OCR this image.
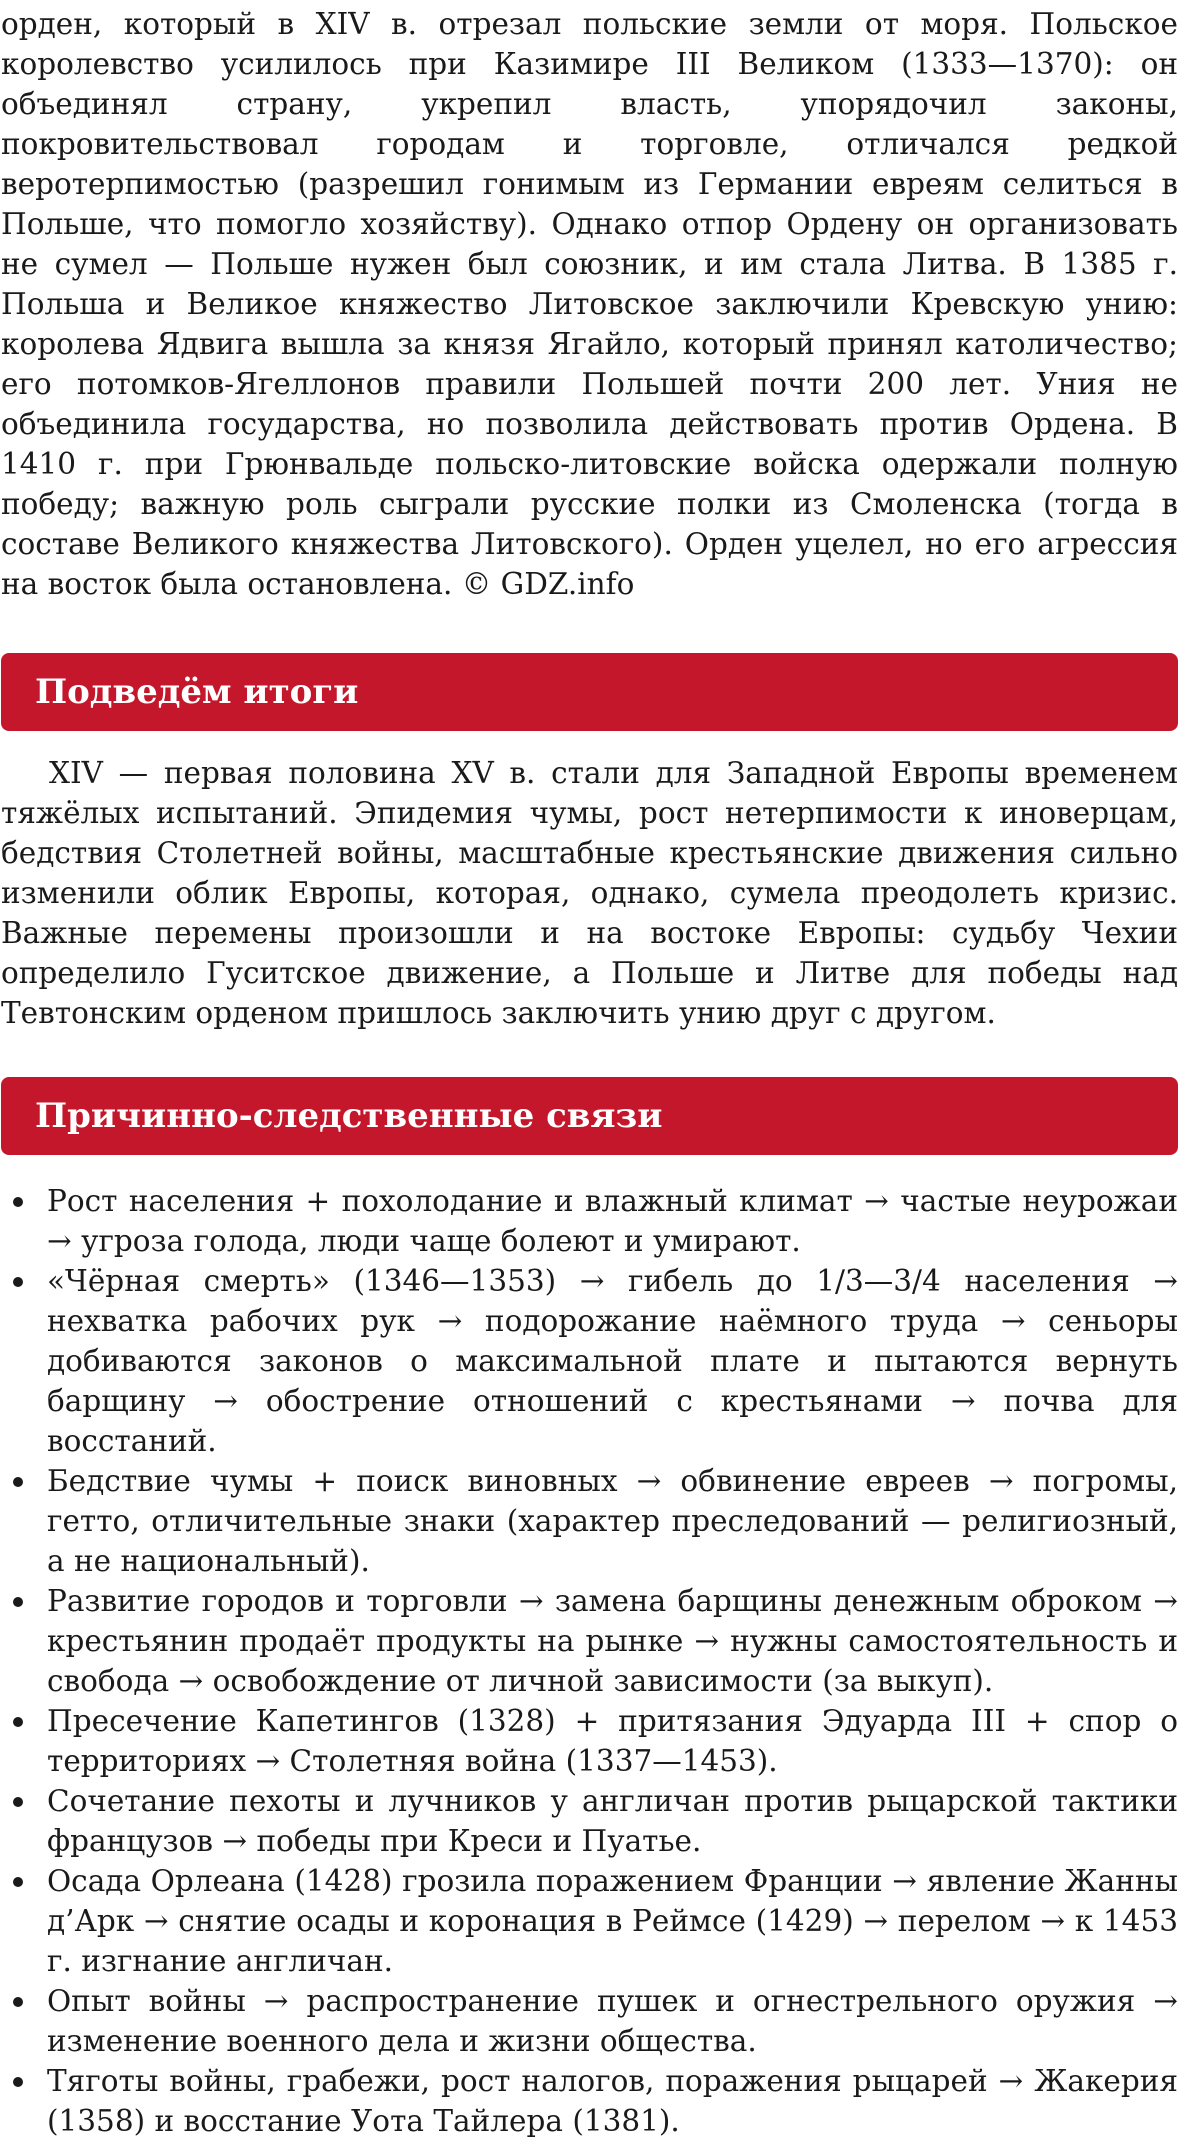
орден, который в XIV в. отрезал польские земли от моря. Польское королевство усилилось при Казимире III Великом (1333—1370): он объединял страну, укрепил власть, упорядочил законы, покровительствовал городам и торговле, отличался редкой веротерпимостью (разрешил гонимым из Германии евреям селиться в Польше, что помогло хозяйству). Однако отпор Ордену он организовать не сумел — Польше нужен был союзник, и им стала Литва. В 1385 г. Польша и Великое княжество Литовское заключили Кревскую унию: королева Ядвига вышла за князя Ягайло, который принял католичество; его потомков-Ягеллонов правили Польшей почти 200 лет. Уния не объединила государства, но позволила действовать против Ордена. В 1410 г. при Грюнвальде польско-литовские войска одержали полную победу; важную роль сыграли русские полки из Смоленска (тогда в составе Великого княжества Литовского). Орден уцелел, но его агрессия на восток была остановлена. © GDZ.info

Подведём итоги

XIV — первая половина XV в. стали для Западной Европы временем тяжёлых испытаний. Эпидемия чумы, рост нетерпимости к иноверцам, бедствия Столетней войны, масштабные крестьянские движения сильно изменили облик Европы, которая, однако, сумела преодолеть кризис. Важные перемены произошли и на востоке Европы: судьбу Чехии определило Гуситское движение, а Польше и Литве для победы над Тевтонским орденом пришлось заключить унию друг с другом.

Причинно-следственные связи
Рост населения + похолодание и влажный климат → частые неурожаи → угроза голода, люди чаще болеют и умирают.
«Чёрная смерть» (1346—1353) → гибель до 1/3—3/4 населения → нехватка рабочих рук → подорожание наёмного труда → сеньоры добиваются законов о максимальной плате и пытаются вернуть барщину → обострение отношений с крестьянами → почва для восстаний.
Бедствие чумы + поиск виновных → обвинение евреев → погромы, гетто, отличительные знаки (характер преследований — религиозный, а не национальный).
Развитие городов и торговли → замена барщины денежным оброком → крестьянин продаёт продукты на рынке → нужны самостоятельность и свобода → освобождение от личной зависимости (за выкуп).
Пресечение Капетингов (1328) + притязания Эдуарда III + спор о территориях → Столетняя война (1337—1453).
Сочетание пехоты и лучников у англичан против рыцарской тактики французов → победы при Креси и Пуатье.
Осада Орлеана (1428) грозила поражением Франции → явление Жанны д’Арк → снятие осады и коронация в Реймсе (1429) → перелом → к 1453 г. изгнание англичан.
Опыт войны → распространение пушек и огнестрельного оружия → изменение военного дела и жизни общества.
Тяготы войны, грабежи, рост налогов, поражения рыцарей → Жакерия (1358) и восстание Уота Тайлера (1381).
